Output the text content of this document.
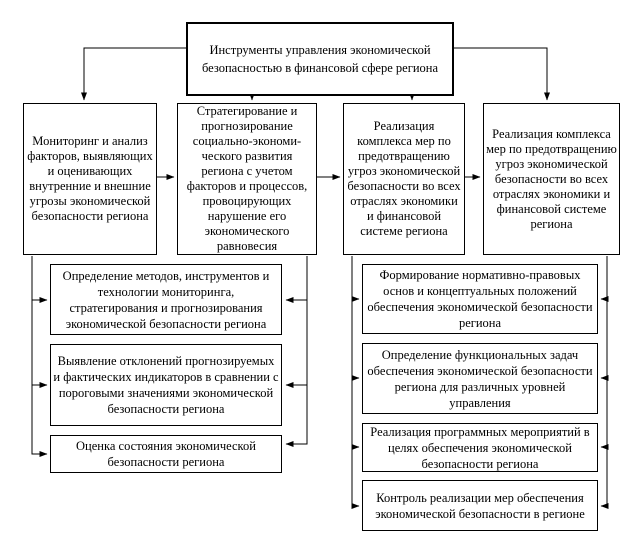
Инструменты управления экономической безопасностью в финансовой сфере региона
Мониторинг и анализ факторов, выявляющих и оценивающих внутренние и внешние угрозы экономической безопасности региона
Стратегирование и прогнозирование социально-экономи-ческого развития региона с учетом факторов и процессов, провоцирующих нарушение его экономического равновесия
Реализация комплекса мер по предотвращению угроз экономической безопасности во всех отраслях экономики и финансовой системе региона
Реализация комплекса мер по предотвращению угроз экономической безопасности во всех отраслях экономики и финансовой системе региона
Определение методов, инструментов и технологии мониторинга, стратегирования и прогнозирования экономической безопасности региона
Выявление отклонений прогнозируемых и фактических индикаторов в сравнении с пороговыми значениями экономической безопасности региона
Оценка состояния экономической безопасности региона
Формирование нормативно-правовых основ и концептуальных положений обеспечения экономической безопасности региона
Определение функциональных задач обеспечения экономической безопасности региона для различных уровней управления
Реализация программных мероприятий в целях обеспечения экономической безопасности региона
Контроль реализации мер обеспечения экономической безопасности в регионе
